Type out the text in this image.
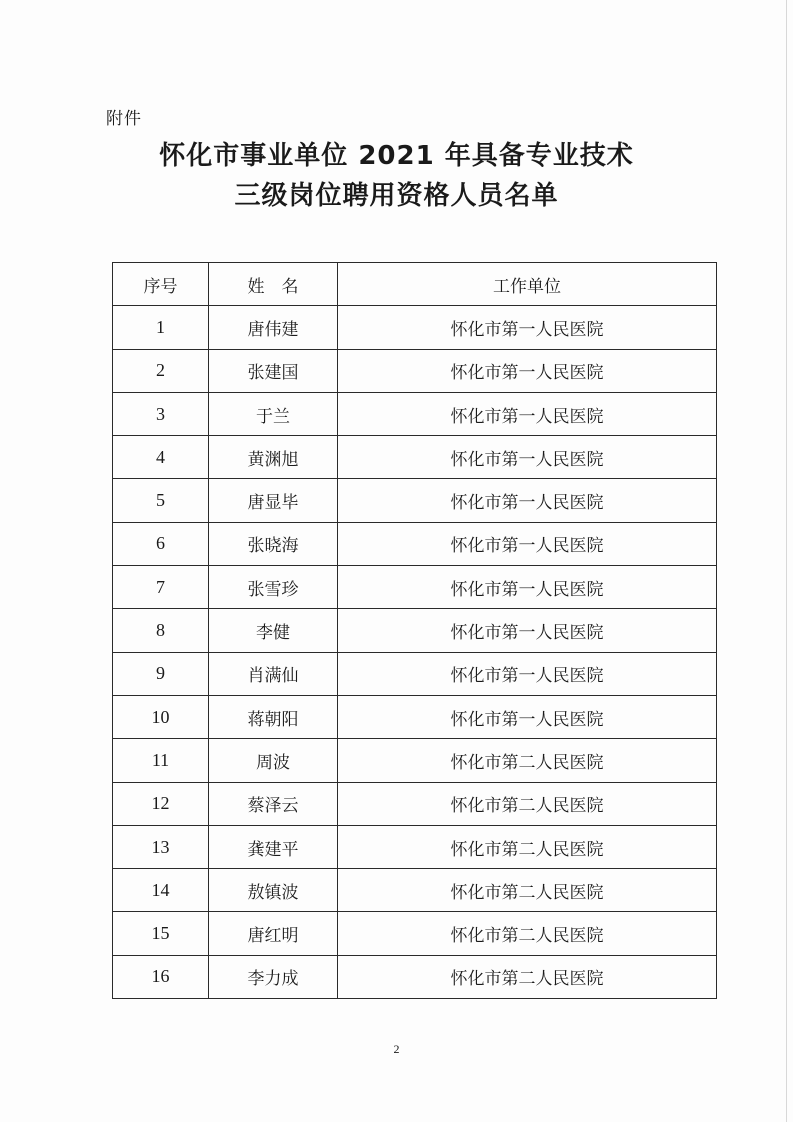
附件
怀化市事业单位 2021 年具备专业技术
三级岗位聘用资格人员名单
序号	姓　名	工作单位
1	唐伟建	怀化市第一人民医院
2	张建国	怀化市第一人民医院
3	于兰	怀化市第一人民医院
4	黄渊旭	怀化市第一人民医院
5	唐显毕	怀化市第一人民医院
6	张晓海	怀化市第一人民医院
7	张雪珍	怀化市第一人民医院
8	李健	怀化市第一人民医院
9	肖满仙	怀化市第一人民医院
10	蒋朝阳	怀化市第一人民医院
11	周波	怀化市第二人民医院
12	蔡泽云	怀化市第二人民医院
13	龚建平	怀化市第二人民医院
14	敖镇波	怀化市第二人民医院
15	唐红明	怀化市第二人民医院
16	李力成	怀化市第二人民医院
2
